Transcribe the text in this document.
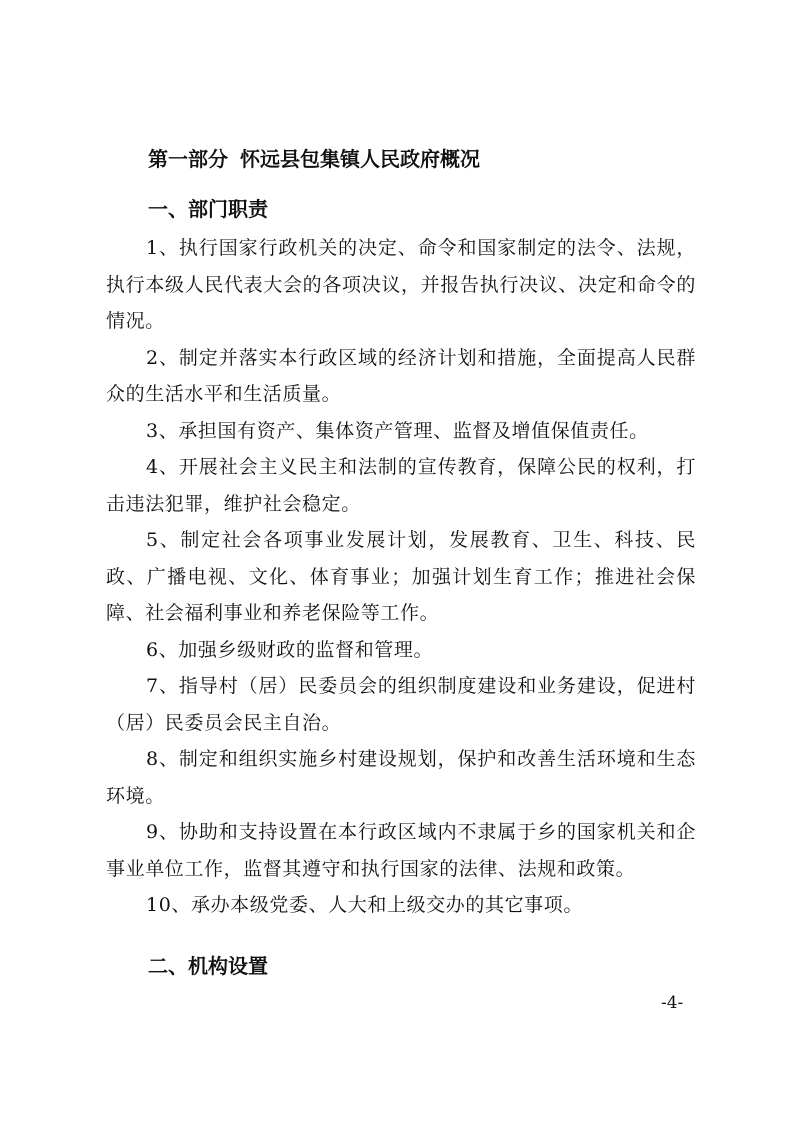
第一部分 怀远县包集镇人民政府概况
一、部门职责

1、执行国家行政机关的决定、命令和国家制定的法令、法规，执行本级人民代表大会的各项决议，并报告执行决议、决定和命令的情况。

2、制定并落实本行政区域的经济计划和措施，全面提高人民群众的生活水平和生活质量。

3、承担国有资产、集体资产管理、监督及增值保值责任。

4、开展社会主义民主和法制的宣传教育，保障公民的权利，打击违法犯罪，维护社会稳定。

5、制定社会各项事业发展计划，发展教育、卫生、科技、民政、广播电视、文化、体育事业；加强计划生育工作；推进社会保障、社会福利事业和养老保险等工作。

6、加强乡级财政的监督和管理。

7、指导村（居）民委员会的组织制度建设和业务建设，促进村（居）民委员会民主自治。

8、制定和组织实施乡村建设规划，保护和改善生活环境和生态环境。

9、协助和支持设置在本行政区域内不隶属于乡的国家机关和企事业单位工作，监督其遵守和执行国家的法律、法规和政策。

10、承办本级党委、人大和上级交办的其它事项。

二、机构设置
-4-
